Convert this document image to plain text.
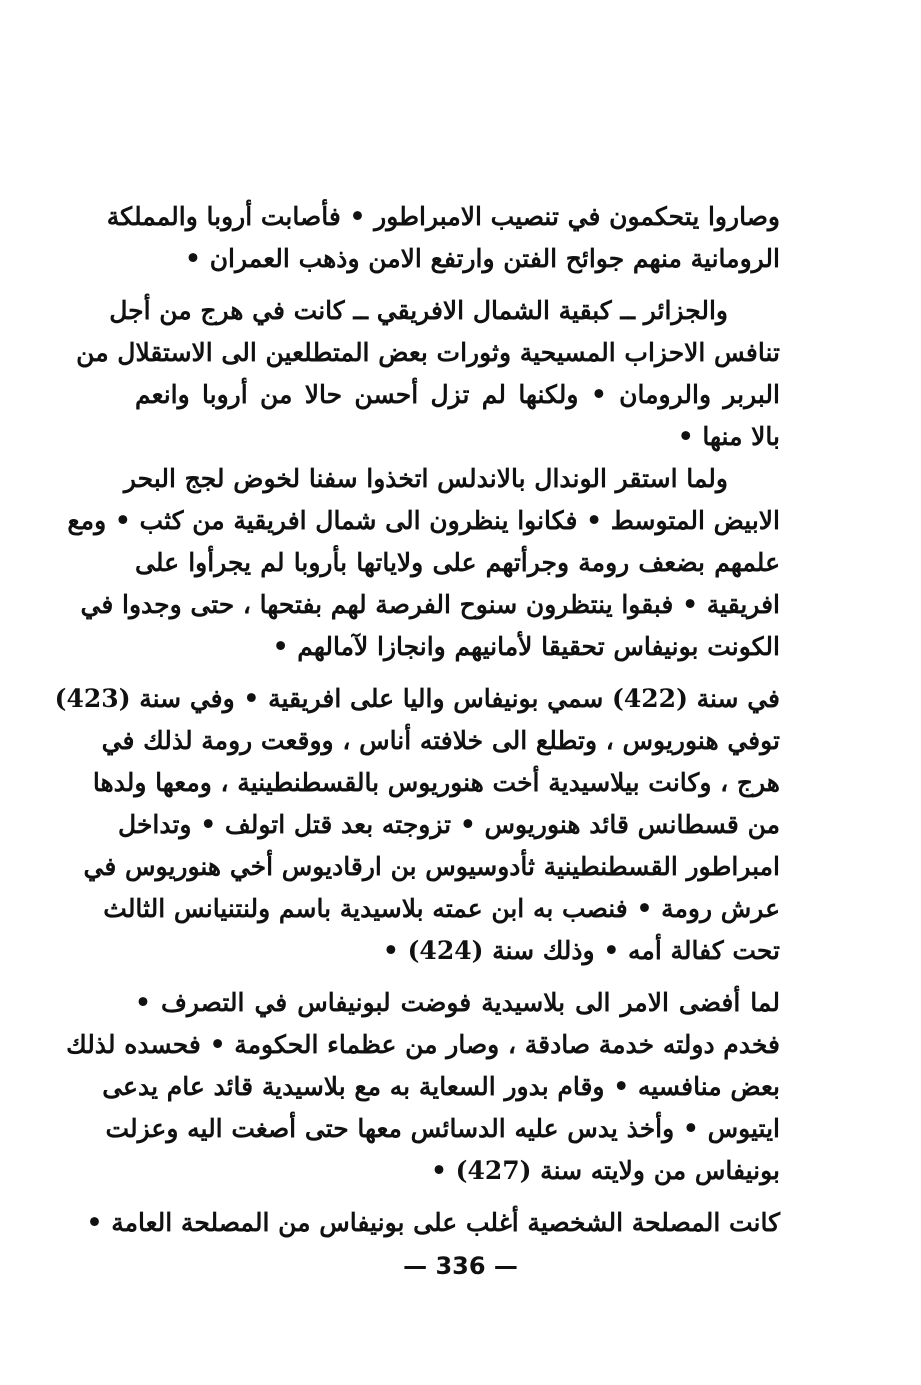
وصاروا يتحكمون في تنصيب الامبراطور • فأصابت أروبا والمملكة
الرومانية منهم جوائح الفتن وارتفع الامن وذهب العمران •
والجزائر ــ كبقية الشمال الافريقي ــ كانت في هرج من أجل
تنافس الاحزاب المسيحية وثورات بعض المتطلعين الى الاستقلال من
البربر والرومان • ولكنها لم تزل أحسن حالا من أروبا وانعم
بالا منها •
ولما استقر الوندال بالاندلس اتخذوا سفنا لخوض لجج البحر
الابيض المتوسط • فكانوا ينظرون الى شمال افريقية من كثب • ومع
علمهم بضعف رومة وجرأتهم على ولاياتها بأروبا لم يجرأوا على
افريقية • فبقوا ينتظرون سنوح الفرصة لهم بفتحها ، حتى وجدوا في
الكونت بونيفاس تحقيقا لأمانيهم وانجازا لآمالهم •
في سنة (422) سمي بونيفاس واليا على افريقية • وفي سنة (423)
توفي هنوريوس ، وتطلع الى خلافته أناس ، ووقعت رومة لذلك في
هرج ، وكانت بيلاسيدية أخت هنوريوس بالقسطنطينية ، ومعها ولدها
من قسطانس قائد هنوريوس • تزوجته بعد قتل اتولف • وتداخل
امبراطور القسطنطينية ثأدوسيوس بن ارقاديوس أخي هنوريوس في
عرش رومة • فنصب به ابن عمته بلاسيدية باسم ولنتنيانس الثالث
تحت كفالة أمه • وذلك سنة (424) •
لما أفضى الامر الى بلاسيدية فوضت لبونيفاس في التصرف •
فخدم دولته خدمة صادقة ، وصار من عظماء الحكومة • فحسده لذلك
بعض منافسيه • وقام بدور السعاية به مع بلاسيدية قائد عام يدعى
ايتيوس • وأخذ يدس عليه الدسائس معها حتى أصغت اليه وعزلت
بونيفاس من ولايته سنة (427) •
كانت المصلحة الشخصية أغلب على بونيفاس من المصلحة العامة •
— 336 —
